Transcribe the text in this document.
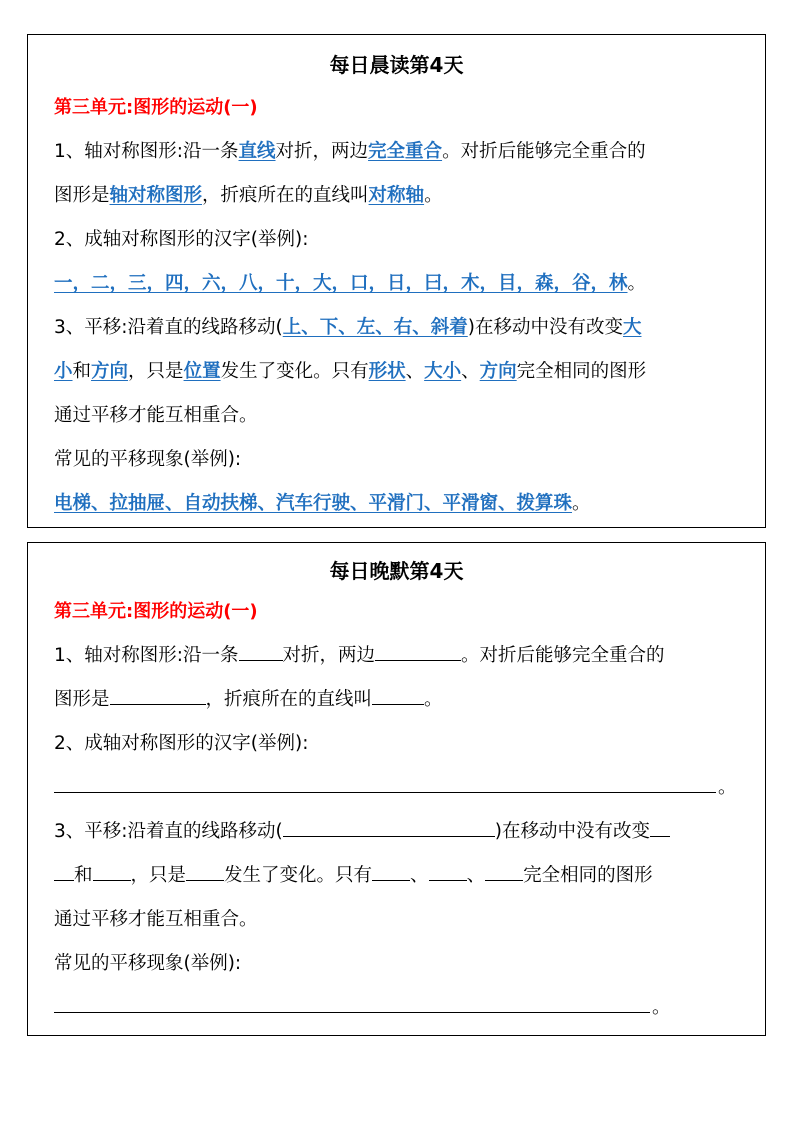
每日晨读第4天
第三单元:图形的运动(一)
1、轴对称图形:沿一条直线对折，两边完全重合。对折后能够完全重合的
图形是轴对称图形，折痕所在的直线叫对称轴。
2、成轴对称图形的汉字(举例):
一，二，三，四，六，八，十，大，口，日，曰，木，目，森，谷，林。
3、平移:沿着直的线路移动(上、下、左、右、斜着)在移动中没有改变大
小和方向，只是位置发生了变化。只有形状、大小、方向完全相同的图形
通过平移才能互相重合。
常见的平移现象(举例):
电梯、拉抽屉、自动扶梯、汽车行驶、平滑门、平滑窗、拨算珠。
每日晚默第4天
第三单元:图形的运动(一)
1、轴对称图形:沿一条 对折，两边	。对折后能够完全重合的
图形是	，折痕所在的直线叫	。
2、成轴对称图形的汉字(举例):
。
3、平移:沿着直的线路移动(	)在移动中没有改变
和 ，只是 发生了变化。只有 、 、 完全相同的图形
通过平移才能互相重合。
常见的平移现象(举例):
。
